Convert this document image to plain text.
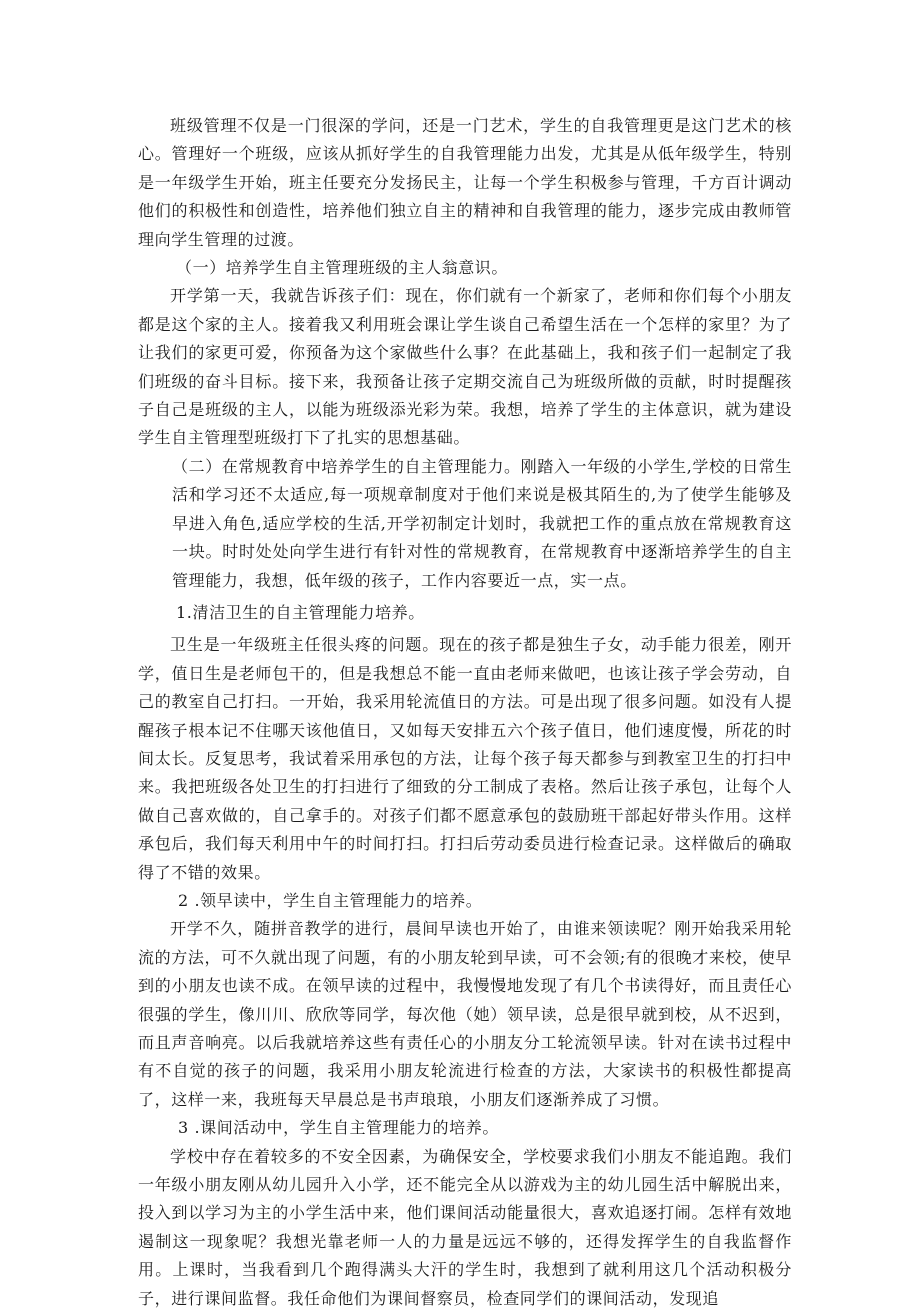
班级管理不仅是一门很深的学问，还是一门艺术，学生的自我管理更是这门艺术的核心。管理好一个班级，应该从抓好学生的自我管理能力出发，尤其是从低年级学生，特别是一年级学生开始，班主任要充分发扬民主，让每一个学生积极参与管理，千方百计调动他们的积极性和创造性，培养他们独立自主的精神和自我管理的能力，逐步完成由教师管理向学生管理的过渡。

（一）培养学生自主管理班级的主人翁意识。

开学第一天，我就告诉孩子们：现在，你们就有一个新家了，老师和你们每个小朋友都是这个家的主人。接着我又利用班会课让学生谈自己希望生活在一个怎样的家里？为了让我们的家更可爱，你预备为这个家做些什么事？在此基础上，我和孩子们一起制定了我们班级的奋斗目标。接下来，我预备让孩子定期交流自己为班级所做的贡献，时时提醒孩子自己是班级的主人，以能为班级添光彩为荣。我想，培养了学生的主体意识，就为建设学生自主管理型班级打下了扎实的思想基础。

（二）在常规教育中培养学生的自主管理能力。刚踏入一年级的小学生,学校的日常生活和学习还不太适应,每一项规章制度对于他们来说是极其陌生的,为了使学生能够及早进入角色,适应学校的生活,开学初制定计划时，我就把工作的重点放在常规教育这一块。时时处处向学生进行有针对性的常规教育，在常规教育中逐渐培养学生的自主管理能力，我想，低年级的孩子，工作内容要近一点，实一点。

1.清洁卫生的自主管理能力培养。

卫生是一年级班主任很头疼的问题。现在的孩子都是独生子女，动手能力很差，刚开学，值日生是老师包干的，但是我想总不能一直由老师来做吧，也该让孩子学会劳动，自己的教室自己打扫。一开始，我采用轮流值日的方法。可是出现了很多问题。如没有人提醒孩子根本记不住哪天该他值日，又如每天安排五六个孩子值日，他们速度慢，所花的时间太长。反复思考，我试着采用承包的方法，让每个孩子每天都参与到教室卫生的打扫中来。我把班级各处卫生的打扫进行了细致的分工制成了表格。然后让孩子承包，让每个人做自己喜欢做的，自己拿手的。对孩子们都不愿意承包的鼓励班干部起好带头作用。这样承包后，我们每天利用中午的时间打扫。打扫后劳动委员进行检查记录。这样做后的确取得了不错的效果。

2 .领早读中，学生自主管理能力的培养。

开学不久，随拼音教学的进行，晨间早读也开始了，由谁来领读呢？刚开始我采用轮流的方法，可不久就出现了问题，有的小朋友轮到早读，可不会领;有的很晚才来校，使早到的小朋友也读不成。在领早读的过程中，我慢慢地发现了有几个书读得好，而且责任心很强的学生，像川川、欣欣等同学，每次他（她）领早读，总是很早就到校，从不迟到，而且声音响亮。以后我就培养这些有责任心的小朋友分工轮流领早读。针对在读书过程中有不自觉的孩子的问题，我采用小朋友轮流进行检查的方法，大家读书的积极性都提高了，这样一来，我班每天早晨总是书声琅琅，小朋友们逐渐养成了习惯。

3 .课间活动中，学生自主管理能力的培养。

学校中存在着较多的不安全因素，为确保安全，学校要求我们小朋友不能追跑。我们一年级小朋友刚从幼儿园升入小学，还不能完全从以游戏为主的幼儿园生活中解脱出来，投入到以学习为主的小学生活中来，他们课间活动能量很大，喜欢追逐打闹。怎样有效地遏制这一现象呢？我想光靠老师一人的力量是远远不够的，还得发挥学生的自我监督作用。上课时，当我看到几个跑得满头大汗的学生时，我想到了就利用这几个活动积极分子，进行课间监督。我任命他们为课间督察员，检查同学们的课间活动，发现追
